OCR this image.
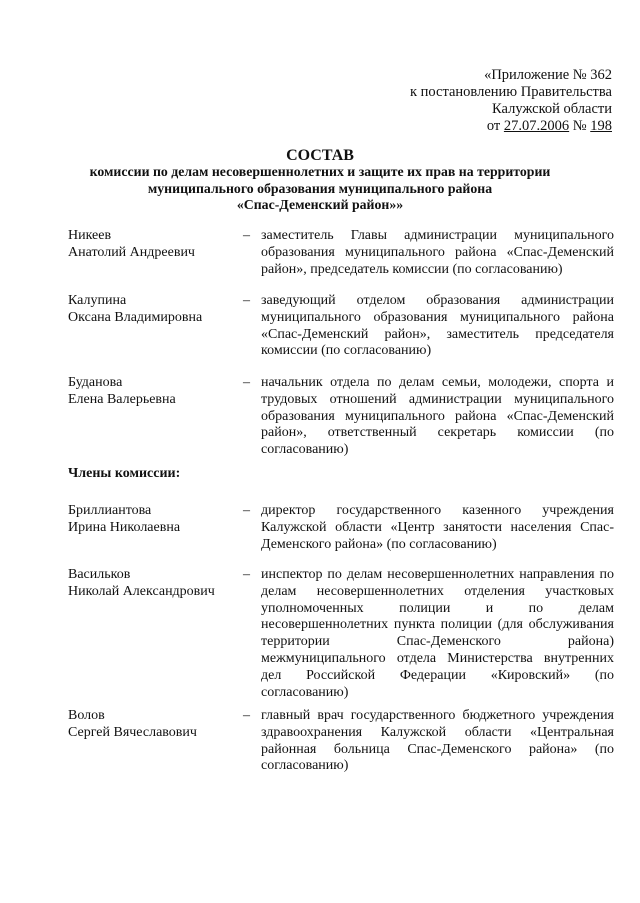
«Приложение № 362
к постановлению Правительства
Калужской области
от 27.07.2006 № 198
СОСТАВ
комиссии по делам несовершеннолетних и защите их прав на территории
муниципального образования муниципального района
«Спас-Деменский район»»
Никеев
Анатолий Андреевич
– заместитель Главы администрации муниципального образования муниципального района «Спас-Деменский район», председатель комиссии (по согласованию)
Калупина
Оксана Владимировна
– заведующий отделом образования администрации муниципального образования муниципального района «Спас-Деменский район», заместитель председателя комиссии (по согласованию)
Буданова
Елена Валерьевна
– начальник отдела по делам семьи, молодежи, спорта и трудовых отношений администрации муниципального образования муниципального района «Спас-Деменский район», ответственный секретарь комиссии (по согласованию)
Члены комиссии:
Бриллиантова
Ирина Николаевна
– директор государственного казенного учреждения Калужской области «Центр занятости населения Спас-Деменского района» (по согласованию)
Васильков
Николай Александрович
– инспектор по делам несовершеннолетних направления по делам несовершеннолетних отделения участковых уполномоченных полиции и по делам несовершеннолетних пункта полиции (для обслуживания территории Спас-Деменского района) межмуниципального отдела Министерства внутренних дел Российской Федерации «Кировский» (по согласованию)
Волов
Сергей Вячеславович
– главный врач государственного бюджетного учреждения здравоохранения Калужской области «Центральная районная больница Спас-Деменского района» (по согласованию)
